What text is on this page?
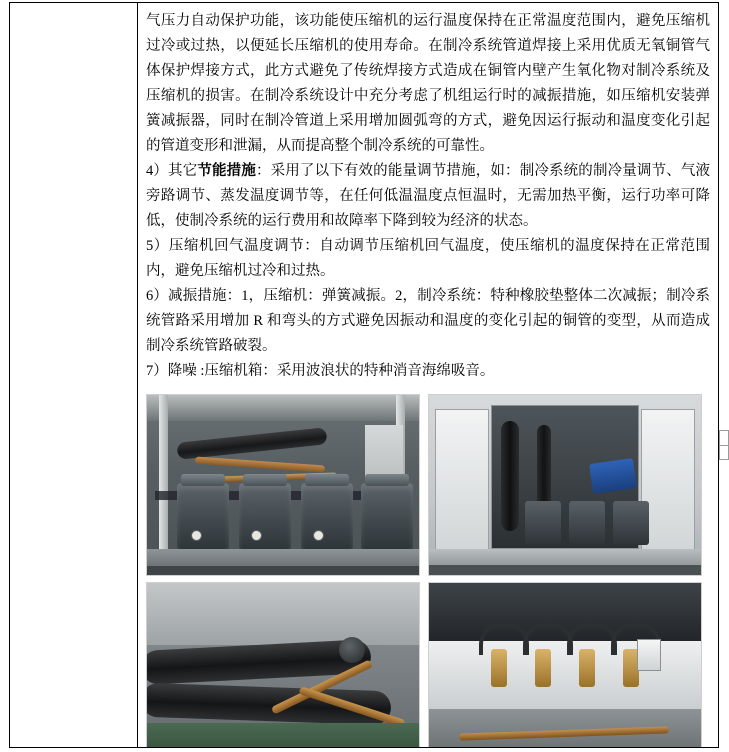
气压力自动保护功能，该功能使压缩机的运行温度保持在正常温度范围内，避免压缩机过冷或过热，以便延长压缩机的使用寿命。在制冷系统管道焊接上采用优质无氧铜管气体保护焊接方式，此方式避免了传统焊接方式造成在铜管内壁产生氧化物对制冷系统及压缩机的损害。在制冷系统设计中充分考虑了机组运行时的减振措施，如压缩机安装弹簧减振器，同时在制冷管道上采用增加圆弧弯的方式，避免因运行振动和温度变化引起的管道变形和泄漏，从而提高整个制冷系统的可靠性。

4）其它节能措施：采用了以下有效的能量调节措施，如：制冷系统的制冷量调节、气液旁路调节、蒸发温度调节等，在任何低温温度点恒温时，无需加热平衡，运行功率可降低，使制冷系统的运行费用和故障率下降到较为经济的状态。

5）压缩机回气温度调节：自动调节压缩机回气温度，使压缩机的温度保持在正常范围内，避免压缩机过冷和过热。

6）减振措施：1，压缩机：弹簧减振。2，制冷系统：特种橡胶垫整体二次减振；制冷系统管路采用增加 R 和弯头的方式避免因振动和温度的变化引起的铜管的变型，从而造成制冷系统管路破裂。

7）降噪 :压缩机箱：采用波浪状的特种消音海绵吸音。
